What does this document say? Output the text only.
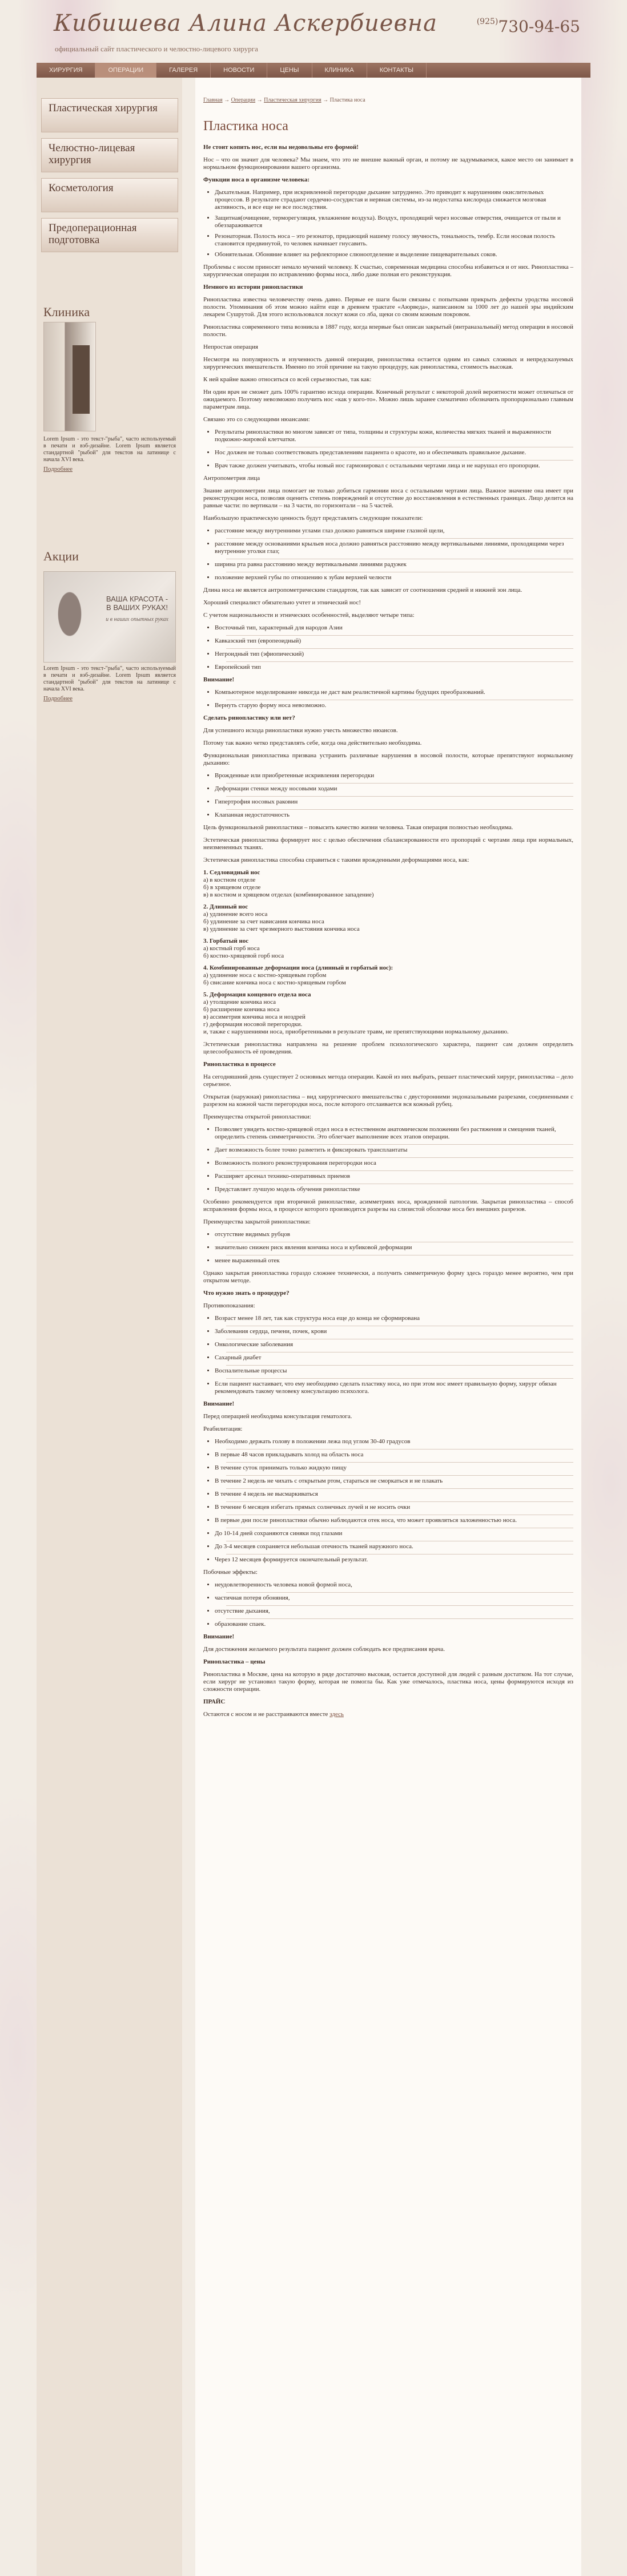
Кибишева Алина Аскербиевна
официальный сайт пластического и челюстно-лицевого хирурга
$^{(925)}$730-94-65
ХИРУРГИЯ	ОПЕРАЦИИ	ГАЛЕРЕЯ	НОВОСТИ	ЦЕНЫ	КЛИНИКА	КОНТАКТЫ
Пластическая хирургия
Челюстно-лицевая хирургия
Косметология
Предоперационная подготовка
Клиника
Lorem Ipsum - это текст-"рыба", часто используемый в печати и вэб-дизайне. Lorem Ipsum является стандартной "рыбой" для текстов на латинице с начала XVI века.
Подробнее
Акции
ВАША КРАСОТА - В ВАШИХ РУКАХ!
и в наших опытных руках
Lorem Ipsum - это текст-"рыба", часто используемый в печати и вэб-дизайне. Lorem Ipsum является стандартной "рыбой" для текстов на латинице с начала XVI века.
Подробнее
Главная → Операции → Пластическая хирургия → Пластика носа
Пластика носа

Не стоит копить нос, если вы недовольны его формой!

Нос – что он значит для человека? Мы знаем, что это не внешне важный орган, и потому не задумываемся, какое место он занимает в нормальном функционировании вашего организма.

Функции носа в организме человека:

• Дыхательная. Например, при искривленной перегородке дыхание затруднено. Это приводит к нарушениям окислительных процессов. В результате страдают сердечно-сосудистая и нервная системы, из-за недостатка кислорода снижается мозговая активность, и все еще не все последствия.
• Защитная(очищение, терморегуляция, увлажнение воздуха). Воздух, проходящий через носовые отверстия, очищается от пыли и обеззараживается
• Резонаторная. Полость носа – это резонатор, придающий нашему голосу звучность, тональность, тембр. Если носовая полость становится предвинутой, то человек начинает гнусавить.
• Обонятельная. Обоняние влияет на рефлекторное слюноотделение и выделение пищеварительных соков.

Проблемы с носом приносят немало мучений человеку. К счастью, современная медицина способна избавиться и от них. Ринопластика – хирургическая операция по исправлению формы носа, либо даже полная его реконструкция.

Немного из истории ринопластики

Ринопластика известна человечеству очень давно. Первые ее шаги были связаны с попытками прикрыть дефекты уродства носовой полости. Упоминания об этом можно найти еще в древнем трактате «Аюрведа», написанном за 1000 лет до нашей эры индийским лекарем Сушрутой. Для этого использовался лоскут кожи со лба, щеки со своим кожным покровом.

Ринопластика современного типа возникла в 1887 году, когда впервые был описан закрытый (интраназальный) метод операции в носовой полости.

Непростая операция

Несмотря на популярность и изученность данной операции, ринопластика остается одним из самых сложных и непредсказуемых хирургических вмешательств. Именно по этой причине на такую процедуру, как ринопластика, стоимость высокая.

К ней крайне важно относиться со всей серьезностью, так как:

Ни один врач не сможет дать 100% гарантию исхода операции. Конечный результат с некоторой долей вероятности может отличаться от ожидаемого. Поэтому невозможно получить нос «как у кого-то». Можно лишь заранее схематично обозначить пропорционально главным параметрам лица.

Связано это со следующими нюансами:

• Результаты ринопластики во многом зависят от типа, толщины и структуры кожи, количества мягких тканей и выраженности подкожно-жировой клетчатки.
• Нос должен не только соответствовать представлениям пациента о красоте, но и обеспечивать правильное дыхание.
• Врач также должен учитывать, чтобы новый нос гармонировал с остальными чертами лица и не нарушал его пропорции.

Антропометрия лица

Знание антропометрии лица помогает не только добиться гармонии носа с остальными чертами лица. Важное значение она имеет при реконструкции носа, позволяя оценить степень повреждений и отсутствие до восстановления в естественных границах. Лицо делится на равные части: по вертикали – на 3 части, по горизонтали – на 5 частей.

Наибольшую практическую ценность будут представлять следующие показатели:

• расстояние между внутренними углами глаз должно равняться ширине глазной щели,
• расстояние между основаниями крыльев носа должно равняться расстоянию между вертикальными линиями, проходящими через внутренние уголки глаз;
• ширина рта равна расстоянию между вертикальными линиями радужек
• положение верхней губы по отношению к зубам верхней челюсти

Длина носа не является антропометрическим стандартом, так как зависит от соотношения средней и нижней зон лица.

Хороший специалист обязательно учтет и этнический нос!

С учетом национальности и этнических особенностей, выделяют четыре типа:

• Восточный тип, характерный для народов Азии
• Кавказский тип (европеоидный)
• Негроидный тип (эфиопический)
• Европейский тип

Внимание!

• Компьютерное моделирование никогда не даст вам реалистичной картины будущих преобразований.
• Вернуть старую форму носа невозможно.

Сделать ринопластику или нет?

Для успешного исхода ринопластики нужно учесть множество нюансов.

Потому так важно четко представлять себе, когда она действительно необходима.

Функциональная ринопластика призвана устранить различные нарушения в носовой полости, которые препятствуют нормальному дыханию:

• Врожденные или приобретенные искривления перегородки
• Деформации стенки между носовыми ходами
• Гипертрофия носовых раковин
• Клапанная недостаточность

Цель функциональной ринопластики – повысить качество жизни человека. Такая операция полностью необходима.

Эстетическая ринопластика формирует нос с целью обеспечения сбалансированности его пропорций с чертами лица при нормальных, неизмененных тканях.

Эстетическая ринопластика способна справиться с такими врожденными деформациями носа, как:

1. Седловидный нос
а) в костном отделе
б) в хрящевом отделе
в) в костном и хрящевом отделах (комбинированное западение)
2. Длинный нос
а) удлинение всего носа
б) удлинение за счет нависания кончика носа
в) удлинение за счет чрезмерного выстояния кончика носа
3. Горбатый нос
а) костный горб носа
б) костно-хрящевой горб носа
4. Комбинированные деформации носа (длинный и горбатый нос):
а) удлинение носа с костно-хрящевым горбом
б) свисание кончика носа с костно-хрящевым горбом
5. Деформация концевого отдела носа
а) утолщение кончика носа
б) расширение кончика носа
в) ассиметрия кончика носа и ноздрей
г) деформация носовой перегородки.
и, также с нарушениями носа, приобретенными в результате травм, не препятствующими нормальному дыханию.

Эстетическая ринопластика направлена на решение проблем психологического характера, пациент сам должен определить целесообразность её проведения.

Ринопластика в процессе

На сегодняшний день существует 2 основных метода операции. Какой из них выбрать, решает пластический хирург, ринопластика – дело серьезное.

Открытая (наружная) ринопластика – вид хирургического вмешательства с двусторонними эндоназальными разрезами, соединенными с разрезом на кожной части перегородки носа, после которого отслаивается вся кожный рубец.

Преимущества открытой ринопластики:

• Позволяет увидеть костно-хрящевой отдел носа в естественном анатомическом положении без растяжения и смещения тканей, определить степень симметричности. Это облегчает выполнение всех этапов операции.
• Дает возможность более точно разметить и фиксировать трансплантаты
• Возможность полного реконструирования перегородки носа
• Расширяет арсенал технико-оперативных приемов
• Представляет лучшую модель обучения ринопластике

Особенно рекомендуется при вторичной ринопластике, асимметриях носа, врожденной патологии. Закрытая ринопластика – способ исправления формы носа, в процессе которого производятся разрезы на слизистой оболочке носа без внешних разрезов.

Преимущества закрытой ринопластики:

• отсутствие видимых рубцов
• значительно снижен риск явления кончика носа и кубиковой деформации
• менее выраженный отек

Однако закрытая ринопластика гораздо сложнее технически, а получить симметричную форму здесь гораздо менее вероятно, чем при открытом методе.

Что нужно знать о процедуре?

Противопоказания:

• Возраст менее 18 лет, так как структура носа еще до конца не сформирована
• Заболевания сердца, печени, почек, крови
• Онкологические заболевания
• Сахарный диабет
• Воспалительные процессы
• Если пациент настаивает, что ему необходимо сделать пластику носа, но при этом нос имеет правильную форму, хирург обязан рекомендовать такому человеку консультацию психолога.

Внимание!

Перед операцией необходима консультация гематолога.

Реабилитация:

• Необходимо держать голову в положении лежа под углом 30-40 градусов
• В первые 48 часов прикладывать холод на область носа
• В течение суток принимать только жидкую пищу
• В течение 2 недель не чихать с открытым ртом, стараться не сморкаться и не плакать
• В течение 4 недель не высмаркиваться
• В течение 6 месяцев избегать прямых солнечных лучей и не носить очки
• В первые дни после ринопластики обычно наблюдаются отек носа, что может проявляться заложенностью носа.
• До 10-14 дней сохраняются синяки под глазами
• До 3-4 месяцев сохраняется небольшая отечность тканей наружного носа.
• Через 12 месяцев формируется окончательный результат.

Побочные эффекты:

• неудовлетворенность человека новой формой носа,
• частичная потеря обоняния,
• отсутствие дыхания,
• образование спаек.

Внимание!

Для достижения желаемого результата пациент должен соблюдать все предписания врача.

Ринопластика – цены

Ринопластика в Москве, цена на которую в ряде достаточно высокая, остается доступной для людей с разным достатком. На тот случае, если хирург не установил такую форму, которая не помогла бы. Как уже отмечалось, пластика носа, цены формируются исходя из сложности операции.

ПРАЙС

Остаются с носом и не расстраиваются вместе здесь
